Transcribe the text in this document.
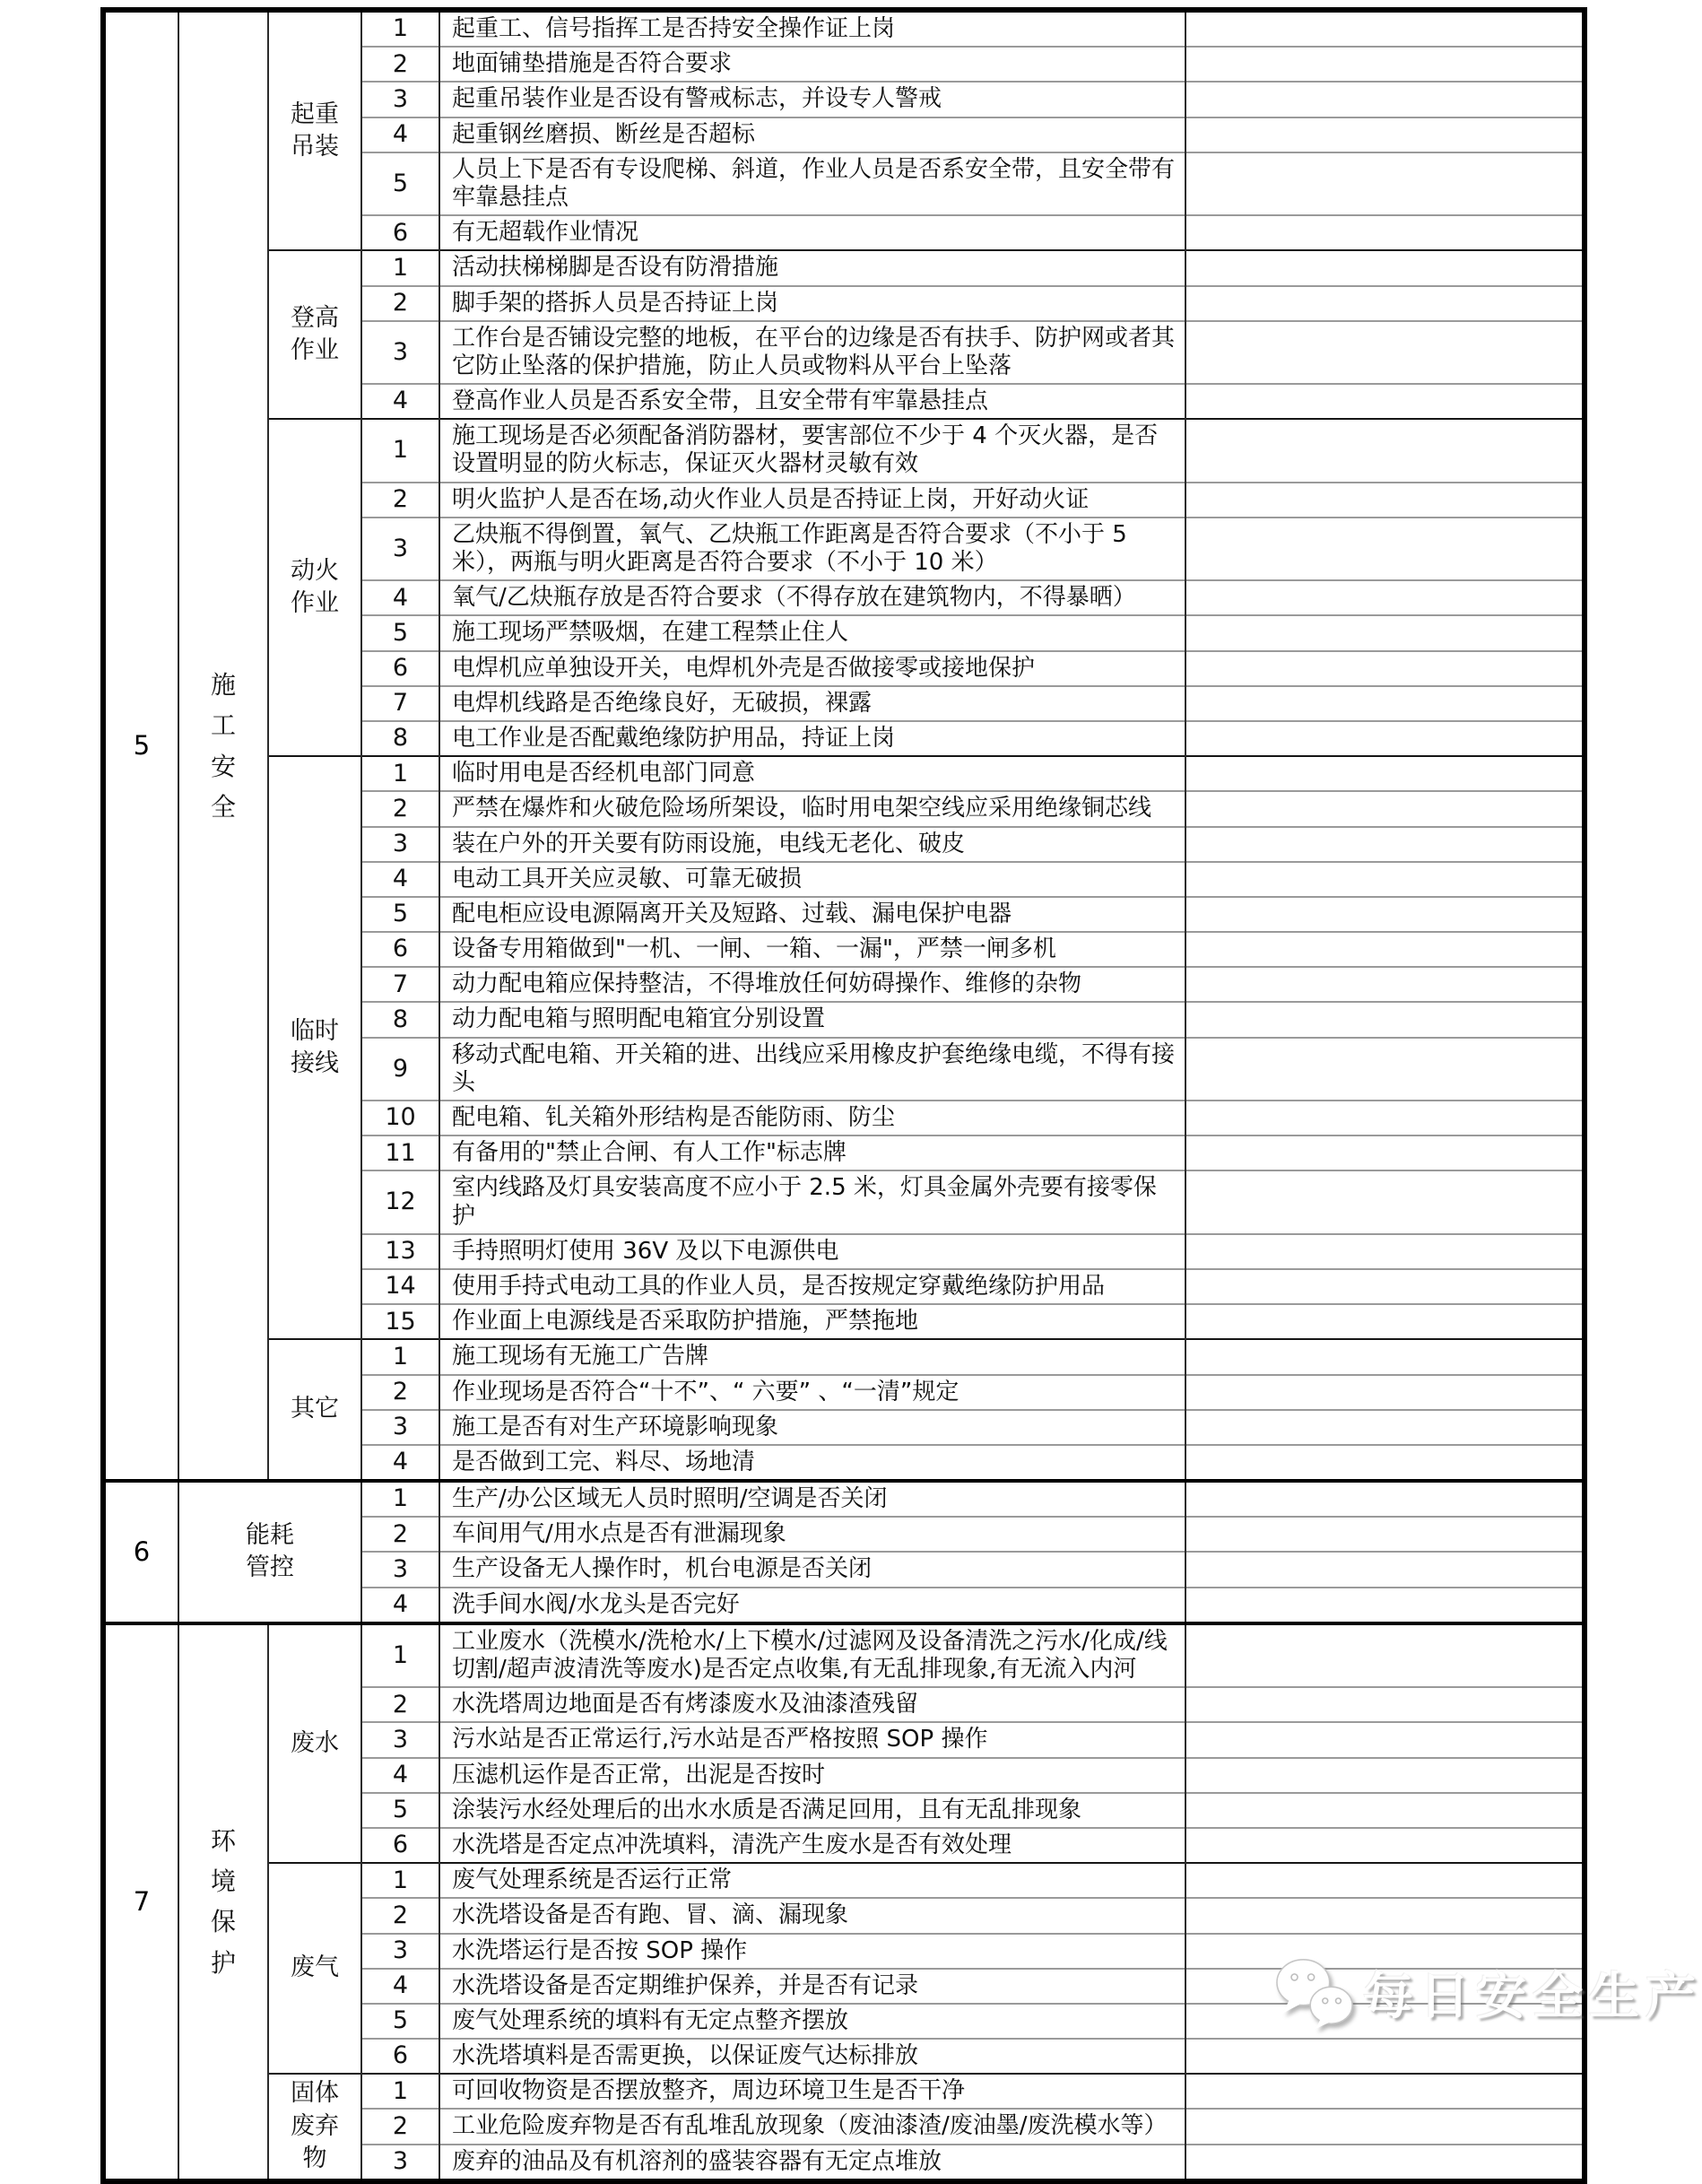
5	施工安全	起重吊装	1	起重工、信号指挥工是否持安全操作证上岗	
			2	地面铺垫措施是否符合要求	
			3	起重吊装作业是否设有警戒标志，并设专人警戒	
			4	起重钢丝磨损、断丝是否超标	
			5	人员上下是否有专设爬梯、斜道，作业人员是否系安全带，且安全带有牢靠悬挂点	
			6	有无超载作业情况	
		登高作业	1	活动扶梯梯脚是否设有防滑措施	
			2	脚手架的搭拆人员是否持证上岗	
			3	工作台是否铺设完整的地板，在平台的边缘是否有扶手、防护网或者其它防止坠落的保护措施，防止人员或物料从平台上坠落	
			4	登高作业人员是否系安全带，且安全带有牢靠悬挂点	
		动火作业	1	施工现场是否必须配备消防器材，要害部位不少于 4 个灭火器，是否设置明显的防火标志，保证灭火器材灵敏有效	
			2	明火监护人是否在场,动火作业人员是否持证上岗，开好动火证	
			3	乙炔瓶不得倒置，氧气、乙炔瓶工作距离是否符合要求（不小于 5 米），两瓶与明火距离是否符合要求（不小于 10 米）	
			4	氧气/乙炔瓶存放是否符合要求（不得存放在建筑物内，不得暴晒）	
			5	施工现场严禁吸烟，在建工程禁止住人	
			6	电焊机应单独设开关，电焊机外壳是否做接零或接地保护	
			7	电焊机线路是否绝缘良好，无破损，裸露	
			8	电工作业是否配戴绝缘防护用品，持证上岗	
		临时接线	1	临时用电是否经机电部门同意	
			2	严禁在爆炸和火破危险场所架设，临时用电架空线应采用绝缘铜芯线	
			3	装在户外的开关要有防雨设施，电线无老化、破皮	
			4	电动工具开关应灵敏、可靠无破损	
			5	配电柜应设电源隔离开关及短路、过载、漏电保护电器	
			6	设备专用箱做到"一机、一闸、一箱、一漏"，严禁一闸多机	
			7	动力配电箱应保持整洁，不得堆放任何妨碍操作、维修的杂物	
			8	动力配电箱与照明配电箱宜分别设置	
			9	移动式配电箱、开关箱的进、出线应采用橡皮护套绝缘电缆，不得有接头	
			10	配电箱、钆关箱外形结构是否能防雨、防尘	
			11	有备用的"禁止合闸、有人工作"标志牌	
			12	室内线路及灯具安装高度不应小于 2.5 米，灯具金属外壳要有接零保护	
			13	手持照明灯使用 36V 及以下电源供电	
			14	使用手持式电动工具的作业人员，是否按规定穿戴绝缘防护用品	
			15	作业面上电源线是否采取防护措施，严禁拖地	
		其它	1	施工现场有无施工广告牌	
			2	作业现场是否符合“十不”、“ 六要” 、“一清”规定	
			3	施工是否有对生产环境影响现象	
			4	是否做到工完、料尽、场地清	
6	能耗管控		1	生产/办公区域无人员时照明/空调是否关闭	
			2	车间用气/用水点是否有泄漏现象	
			3	生产设备无人操作时，机台电源是否关闭	
			4	洗手间水阀/水龙头是否完好	
7	环境保护	废水	1	工业废水（洗模水/洗枪水/上下模水/过滤网及设备清洗之污水/化成/线切割/超声波清洗等废水)是否定点收集,有无乱排现象,有无流入内河	
			2	水洗塔周边地面是否有烤漆废水及油漆渣残留	
			3	污水站是否正常运行,污水站是否严格按照 SOP 操作	
			4	压滤机运作是否正常，出泥是否按时	
			5	涂装污水经处理后的出水水质是否满足回用，且有无乱排现象	
			6	水洗塔是否定点冲洗填料，清洗产生废水是否有效处理	
		废气	1	废气处理系统是否运行正常	
			2	水洗塔设备是否有跑、冒、滴、漏现象	
			3	水洗塔运行是否按 SOP 操作	
			4	水洗塔设备是否定期维护保养，并是否有记录	
			5	废气处理系统的填料有无定点整齐摆放	
			6	水洗塔填料是否需更换，以保证废气达标排放	
		固体废弃物	1	可回收物资是否摆放整齐，周边环境卫生是否干净	
			2	工业危险废弃物是否有乱堆乱放现象（废油漆渣/废油墨/废洗模水等）	
			3	废弃的油品及有机溶剂的盛装容器有无定点堆放	
每日安全生产
